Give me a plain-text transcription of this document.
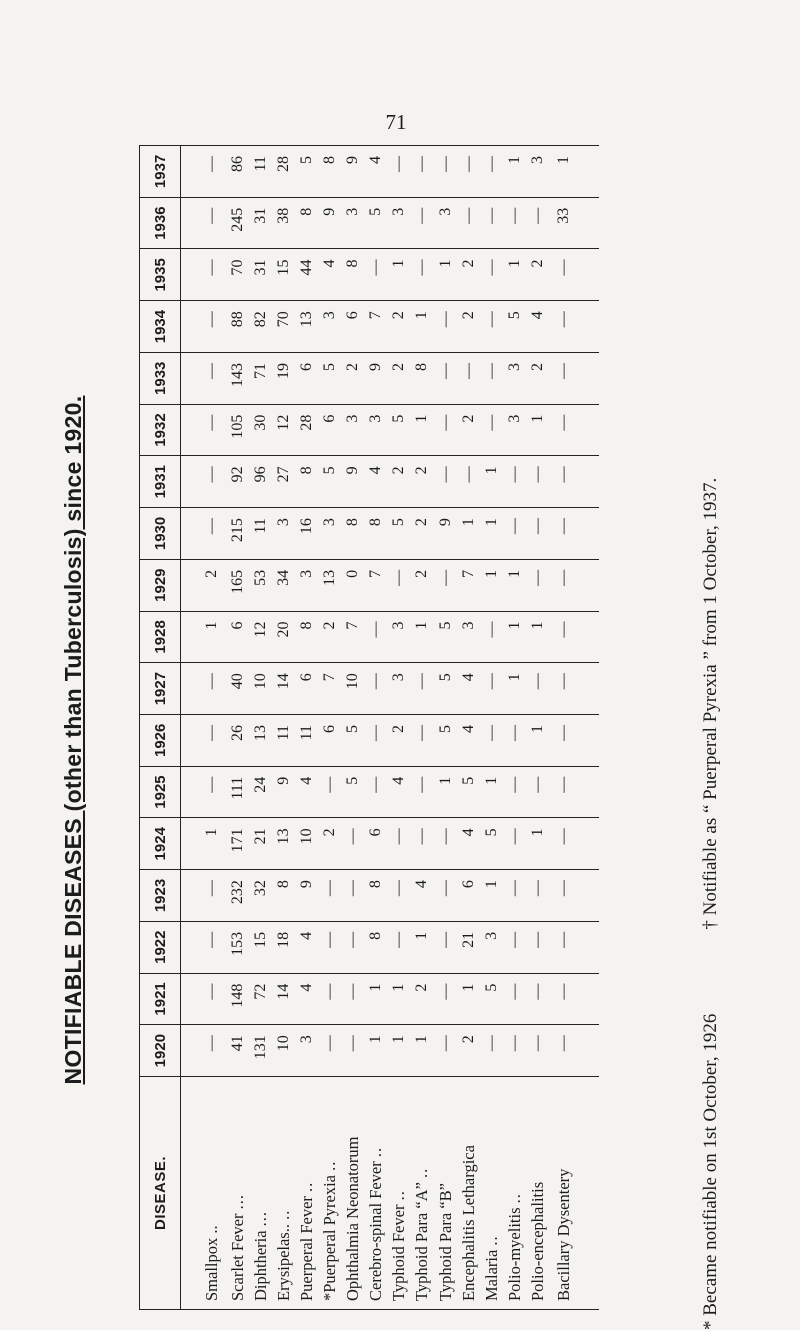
71
NOTIFIABLE DISEASES (other than Tuberculosis) since 1920.
DISEASE.	1920	1921	1922	1923	1924	1925	1926	1927	1928	1929	1930	1931	1932	1933	1934	1935	1936	1937
Smallpox ..	—	—	—	—	1	—	—	—	1	2	—	—	—	—	—	—	—	—
Scarlet Fever ...	41	148	153	232	171	111	26	40	6	165	215	92	105	143	88	70	245	86
Diphtheria ...	131	72	15	32	21	24	13	10	12	53	11	96	30	71	82	31	31	11
Erysipelas.. ..	10	14	18	8	13	9	11	14	20	34	3	27	12	19	70	15	38	28
Puerperal Fever ..	3	4	4	9	10	4	11	6	8	3	16	8	28	6	13	44	8	5
*Puerperal Pyrexia ..	—	—	—	—	2	—	6	7	2	13	3	5	6	5	3	4	9	8
Ophthalmia Neonatorum	—	—	—	—	—	5	5	10	7	0	8	9	3	2	6	8	3	9
Cerebro-spinal Fever ..	1	1	8	8	6	—	—	—	—	7	8	4	3	9	7	—	5	4
Typhoid Fever ..	1	1	—	—	—	4	2	3	3	—	5	2	5	2	2	1	3	—
Typhoid Para “A” ..	1	2	1	4	—	—	—	—	1	2	2	2	1	8	1	—	—	—
Typhoid Para “B”	—	—	—	—	—	1	5	5	5	—	9	—	—	—	—	1	3	—
Encephalitis Lethargica	2	1	21	6	4	5	4	4	3	7	1	—	2	—	2	2	—	—
Malaria ..	—	5	3	1	5	1	—	—	—	1	1	1	—	—	—	—	—	—
Polio-myelitis ..	—	—	—	—	—	—	—	1	1	1	—	—	3	3	5	1	—	1
Polio-encephalitis	—	—	—	—	1	—	1	—	1	—	—	—	1	2	4	2	—	3
Bacillary Dysentery	—	—	—	—	—	—	—	—	—	—	—	—	—	—	—	—	33	1
* Became notifiable on 1st October, 1926† Notifiable as “ Puerperal Pyrexia ” from 1 October, 1937.
